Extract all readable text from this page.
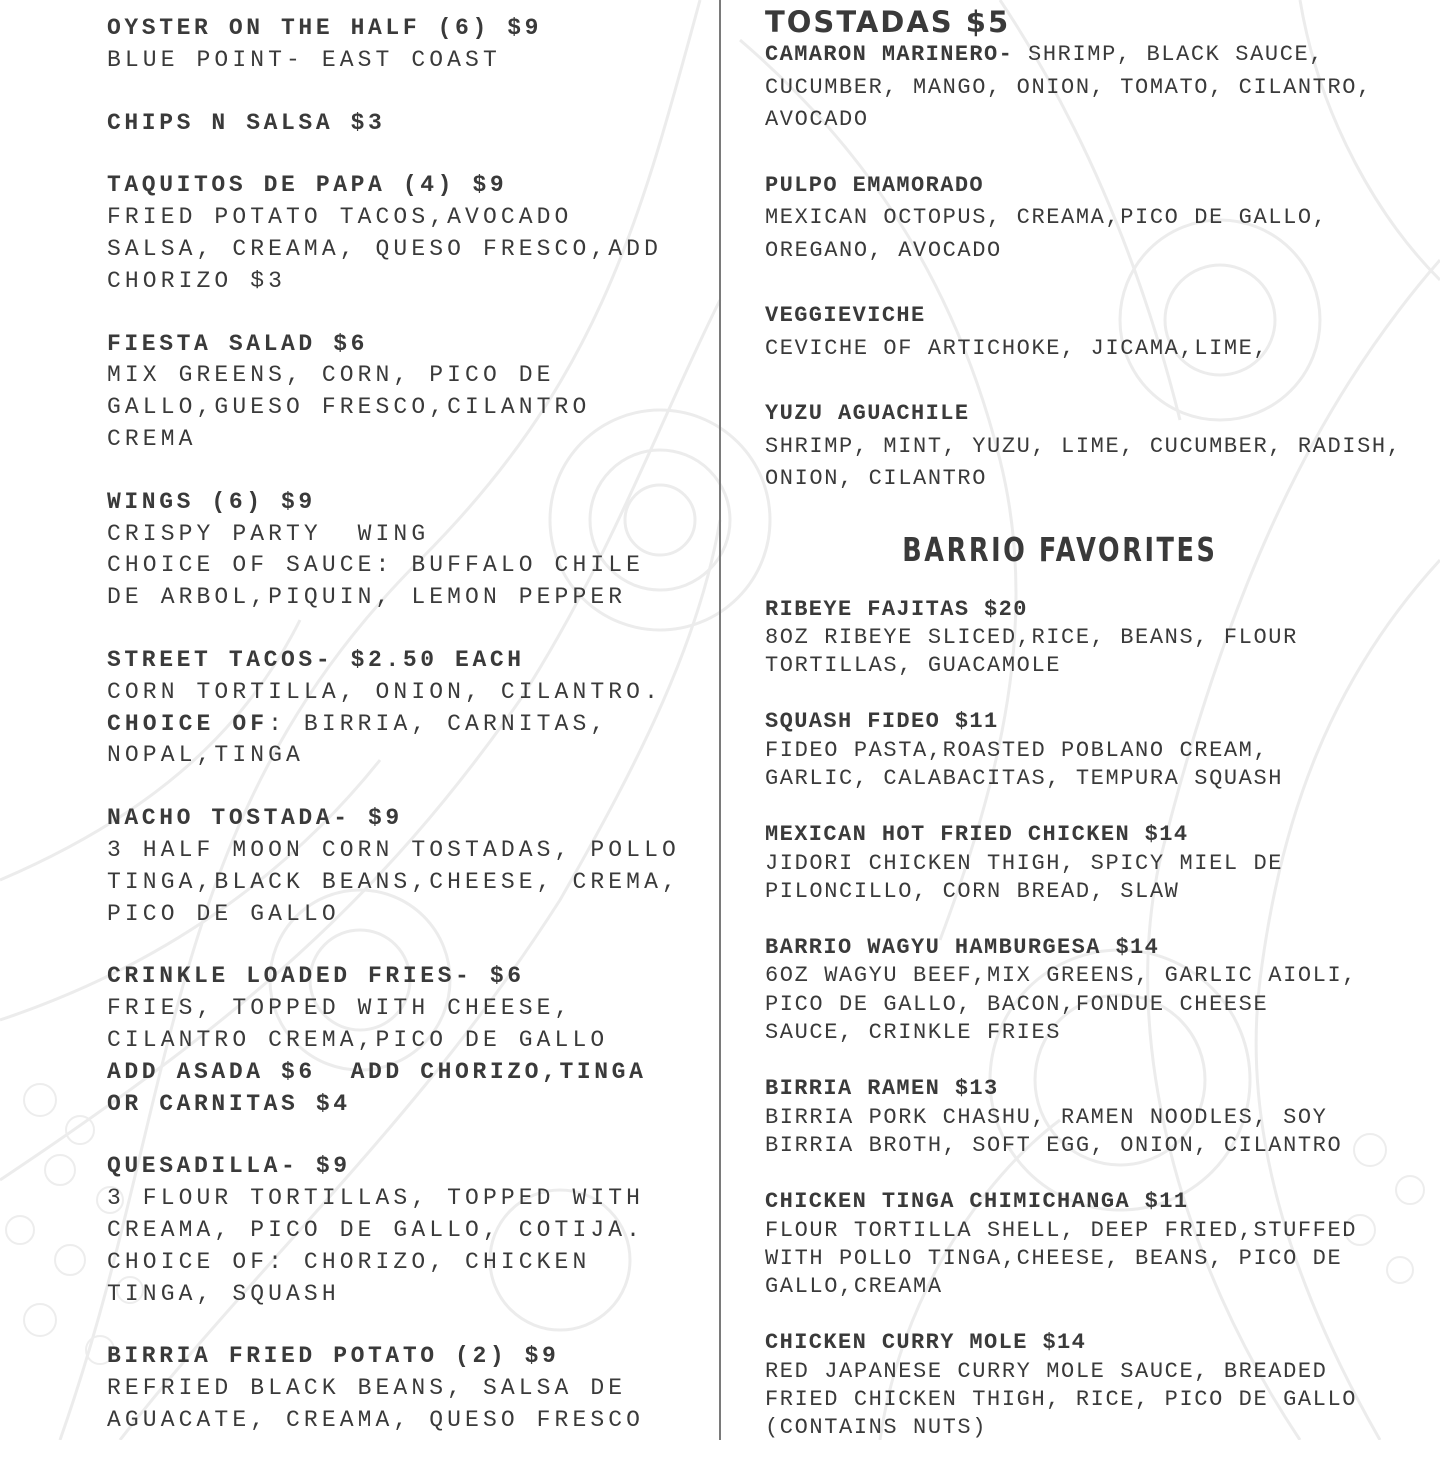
OYSTER ON THE HALF (6) $9
BLUE POINT- EAST COAST
CHIPS N SALSA $3
TAQUITOS DE PAPA (4) $9
FRIED POTATO TACOS,AVOCADO
SALSA, CREAMA, QUESO FRESCO,ADD
CHORIZO $3
FIESTA SALAD $6
MIX GREENS, CORN, PICO DE
GALLO,GUESO FRESCO,CILANTRO
CREMA
WINGS (6) $9
CRISPY PARTY  WING
CHOICE OF SAUCE: BUFFALO CHILE
DE ARBOL,PIQUIN, LEMON PEPPER
STREET TACOS- $2.50 EACH
CORN TORTILLA, ONION, CILANTRO.
CHOICE OF: BIRRIA, CARNITAS,
NOPAL,TINGA
NACHO TOSTADA- $9
3 HALF MOON CORN TOSTADAS, POLLO
TINGA,BLACK BEANS,CHEESE, CREMA,
PICO DE GALLO
CRINKLE LOADED FRIES- $6
FRIES, TOPPED WITH CHEESE,
CILANTRO CREMA,PICO DE GALLO
ADD ASADA $6  ADD CHORIZO,TINGA
OR CARNITAS $4
QUESADILLA- $9
3 FLOUR TORTILLAS, TOPPED WITH
CREAMA, PICO DE GALLO, COTIJA.
CHOICE OF: CHORIZO, CHICKEN
TINGA, SQUASH
BIRRIA FRIED POTATO (2) $9
REFRIED BLACK BEANS, SALSA DE
AGUACATE, CREAMA, QUESO FRESCO
TOSTADAS $5
CAMARON MARINERO- SHRIMP, BLACK SAUCE,
CUCUMBER, MANGO, ONION, TOMATO, CILANTRO,
AVOCADO
PULPO EMAMORADO
MEXICAN OCTOPUS, CREAMA,PICO DE GALLO,
OREGANO, AVOCADO
VEGGIEVICHE
CEVICHE OF ARTICHOKE, JICAMA,LIME,
YUZU AGUACHILE
SHRIMP, MINT, YUZU, LIME, CUCUMBER, RADISH,
ONION, CILANTRO
BARRIO FAVORITES
RIBEYE FAJITAS $20
8OZ RIBEYE SLICED,RICE, BEANS, FLOUR
TORTILLAS, GUACAMOLE
SQUASH FIDEO $11
FIDEO PASTA,ROASTED POBLANO CREAM,
GARLIC, CALABACITAS, TEMPURA SQUASH
MEXICAN HOT FRIED CHICKEN $14
JIDORI CHICKEN THIGH, SPICY MIEL DE
PILONCILLO, CORN BREAD, SLAW
BARRIO WAGYU HAMBURGESA $14
6OZ WAGYU BEEF,MIX GREENS, GARLIC AIOLI,
PICO DE GALLO, BACON,FONDUE CHEESE
SAUCE, CRINKLE FRIES
BIRRIA RAMEN $13
BIRRIA PORK CHASHU, RAMEN NOODLES, SOY
BIRRIA BROTH, SOFT EGG, ONION, CILANTRO
CHICKEN TINGA CHIMICHANGA $11
FLOUR TORTILLA SHELL, DEEP FRIED,STUFFED
WITH POLLO TINGA,CHEESE, BEANS, PICO DE
GALLO,CREAMA
CHICKEN CURRY MOLE $14
RED JAPANESE CURRY MOLE SAUCE, BREADED
FRIED CHICKEN THIGH, RICE, PICO DE GALLO
(CONTAINS NUTS)
